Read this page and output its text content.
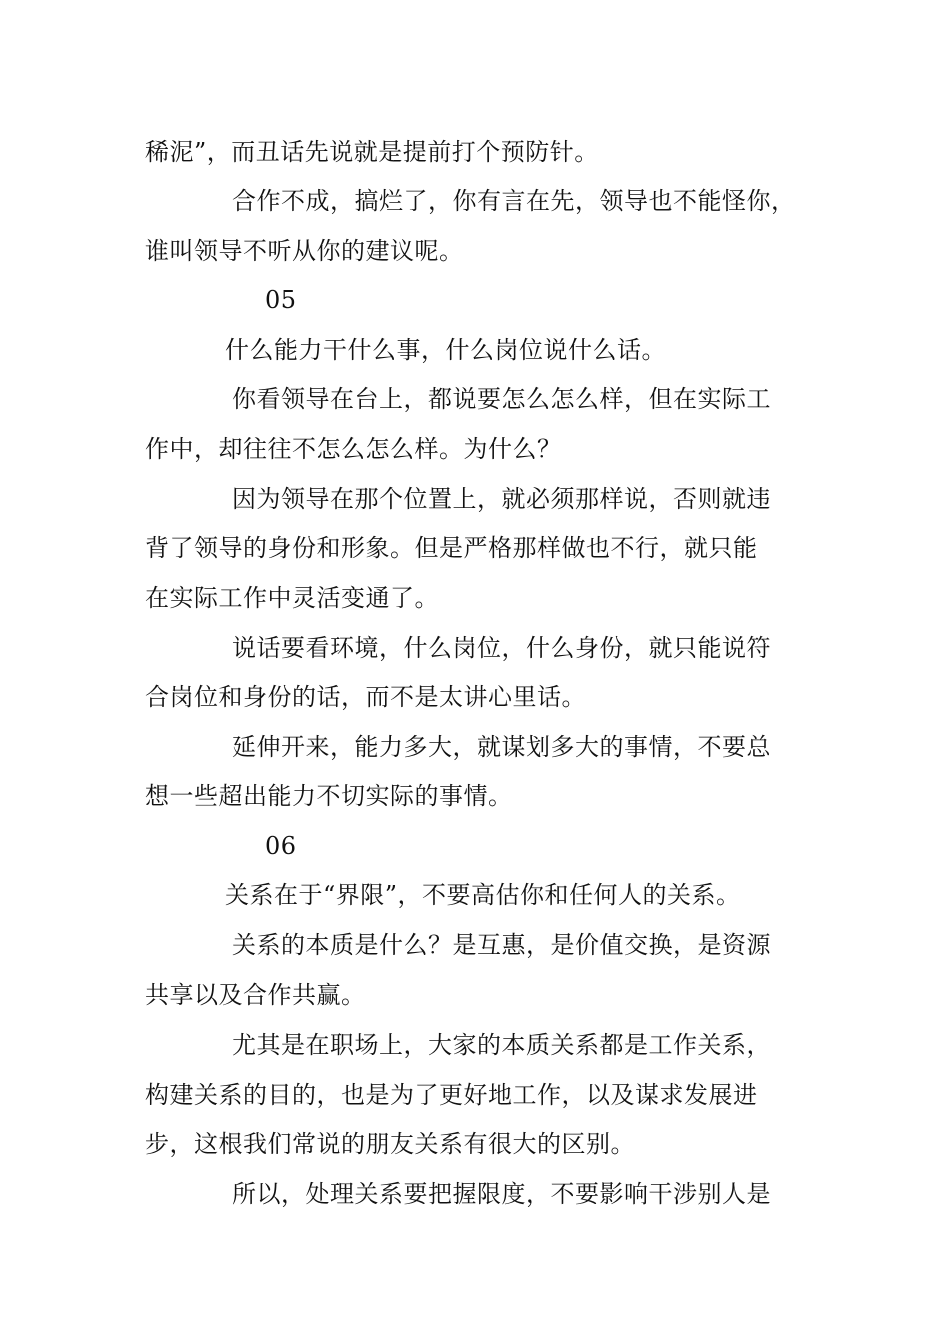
稀泥”，而丑话先说就是提前打个预防针。
合作不成，搞烂了，你有言在先，领导也不能怪你，
谁叫领导不听从你的建议呢。
05
什么能力干什么事，什么岗位说什么话。
你看领导在台上，都说要怎么怎么样，但在实际工
作中，却往往不怎么怎么样。为什么？
因为领导在那个位置上，就必须那样说，否则就违
背了领导的身份和形象。但是严格那样做也不行，就只能
在实际工作中灵活变通了。
说话要看环境，什么岗位，什么身份，就只能说符
合岗位和身份的话，而不是太讲心里话。
延伸开来，能力多大，就谋划多大的事情，不要总
想一些超出能力不切实际的事情。
06
关系在于“界限”，不要高估你和任何人的关系。
关系的本质是什么？是互惠，是价值交换，是资源
共享以及合作共赢。
尤其是在职场上，大家的本质关系都是工作关系，
构建关系的目的，也是为了更好地工作，以及谋求发展进
步，这根我们常说的朋友关系有很大的区别。
所以，处理关系要把握限度，不要影响干涉别人是
